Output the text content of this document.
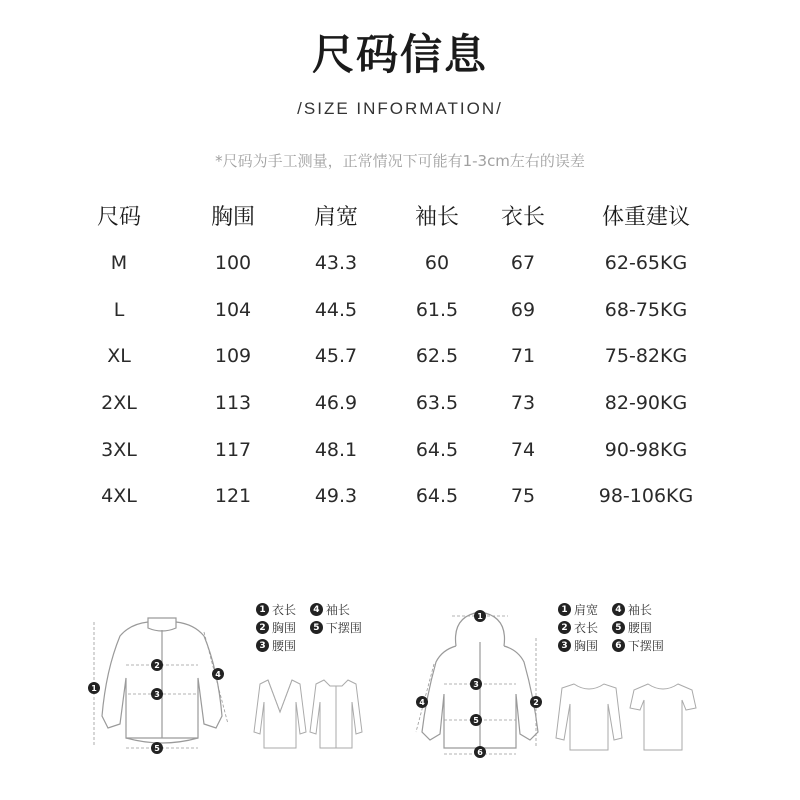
尺码信息
/SIZE INFORMATION/
*尺码为手工测量，正常情况下可能有1-3cm左右的误差
尺码	胸围	肩宽	袖长 衣长	体重建议
M	100	43.3	60	67	62-65KG
L	104	44.5	61.5	69	68-75KG
XL	109	45.7	62.5	71	75-82KG
2XL	113	46.9	63.5	73	82-90KG
3XL	117	48.1	64.5	74	90-98KG
4XL	121	49.3	64.5	75	98-106KG
1
2
3
4
5
1 衣长 4 袖长
2 胸围 5 下摆围
3 腰围
1
2
3
4
5
6
1 肩宽 4 袖长
2 衣长 5 腰围
3 胸围 6 下摆围
